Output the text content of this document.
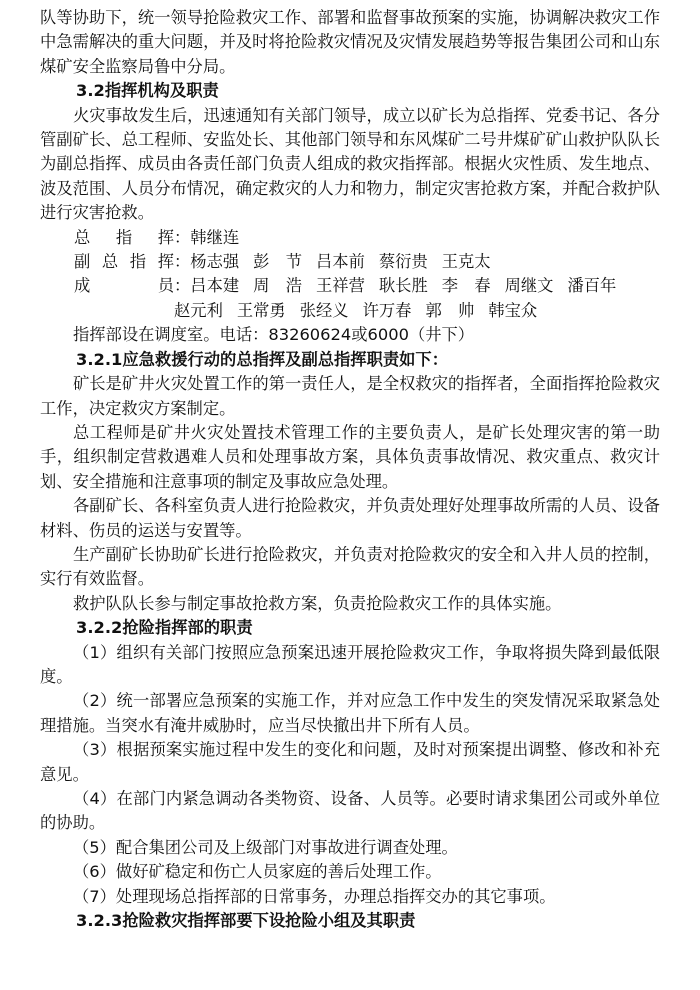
队等协助下，统一领导抢险救灾工作、部署和监督事故预案的实施，协调解决救灾工作中急需解决的重大问题，并及时将抢险救灾情况及灾情发展趋势等报告集团公司和山东煤矿安全监察局鲁中分局。

3.2指挥机构及职责

火灾事故发生后，迅速通知有关部门领导，成立以矿长为总指挥、党委书记、各分管副矿长、总工程师、安监处长、其他部门领导和东风煤矿二号井煤矿矿山救护队队长为副总指挥、成员由各责任部门负责人组成的救灾指挥部。根据火灾性质、发生地点、波及范围、人员分布情况，确定救灾的人力和物力，制定灾害抢救方案，并配合救护队进行灾害抢救。

总指挥 ： 韩继连
副总指挥 ： 杨志强 彭　节 吕本前 蔡衍贵 王克太
成员 ： 吕本建 周　浩 王祥营 耿长胜 李　春 周继文 潘百年
赵元利 王常勇 张经义 许万春 郭　帅 韩宝众

指挥部设在调度室。电话：83260624或6000（井下）

3.2.1应急救援行动的总指挥及副总指挥职责如下：

矿长是矿井火灾处置工作的第一责任人，是全权救灾的指挥者，全面指挥抢险救灾工作，决定救灾方案制定。

总工程师是矿井火灾处置技术管理工作的主要负责人，是矿长处理灾害的第一助手，组织制定营救遇难人员和处理事故方案，具体负责事故情况、救灾重点、救灾计划、安全措施和注意事项的制定及事故应急处理。

各副矿长、各科室负责人进行抢险救灾，并负责处理好处理事故所需的人员、设备材料、伤员的运送与安置等。

生产副矿长协助矿长进行抢险救灾，并负责对抢险救灾的安全和入井人员的控制，实行有效监督。

救护队队长参与制定事故抢救方案，负责抢险救灾工作的具体实施。

3.2.2抢险指挥部的职责

（1）组织有关部门按照应急预案迅速开展抢险救灾工作，争取将损失降到最低限度。

（2）统一部署应急预案的实施工作，并对应急工作中发生的突发情况采取紧急处理措施。当突水有淹井威胁时，应当尽快撤出井下所有人员。

（3）根据预案实施过程中发生的变化和问题，及时对预案提出调整、修改和补充意见。

（4）在部门内紧急调动各类物资、设备、人员等。必要时请求集团公司或外单位的协助。

（5）配合集团公司及上级部门对事故进行调查处理。

（6）做好矿稳定和伤亡人员家庭的善后处理工作。

（7）处理现场总指挥部的日常事务，办理总指挥交办的其它事项。

3.2.3抢险救灾指挥部要下设抢险小组及其职责
